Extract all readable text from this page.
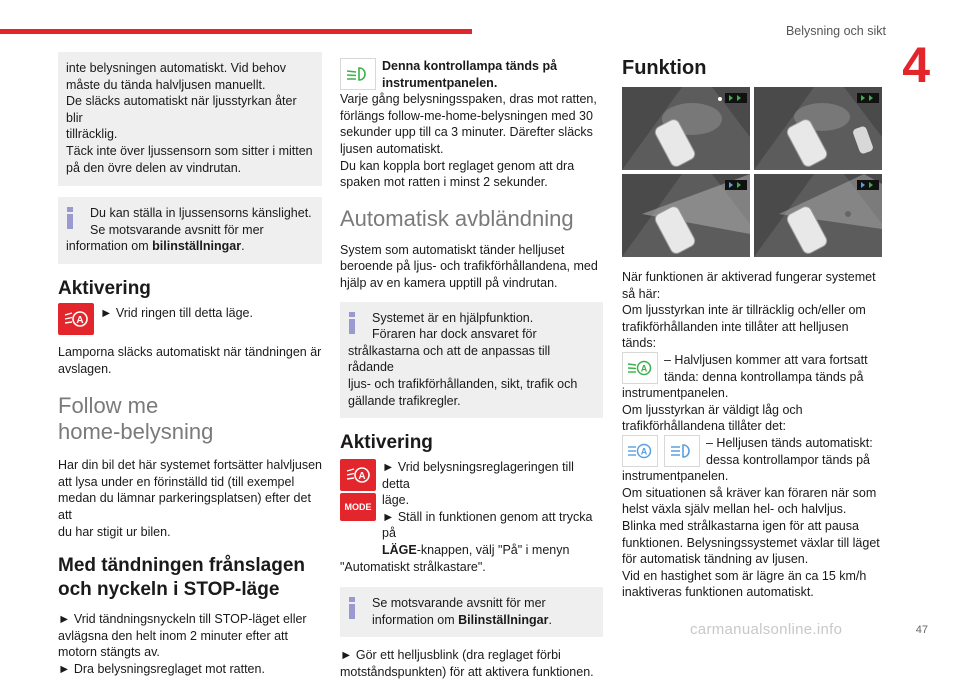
Belysning och sikt
4
inte belysningen automatiskt. Vid behov
måste du tända halvljusen manuellt.
De släcks automatiskt när ljusstyrkan åter blir
tillräcklig.
Täck inte över ljussensorn som sitter i mitten
på den övre delen av vindrutan.
Du kan ställa in ljussensorns känslighet.
Se motsvarande avsnitt för mer
information om bilinställningar.
Aktivering
A
► Vrid ringen till detta läge.
Lamporna släcks automatiskt när tändningen är
avslagen.
Follow me
home-belysning
Har din bil det här systemet fortsätter halvljusen
att lysa under en förinställd tid (till exempel
medan du lämnar parkeringsplatsen) efter det att
du har stigit ur bilen.
Med tändningen frånslagen
och nyckeln i STOP-läge
► Vrid tändningsnyckeln till STOP-läget eller
avlägsna den helt inom 2 minuter efter att
motorn stängts av.
► Dra belysningsreglaget mot ratten.
Denna kontrollampa tänds på
instrumentpanelen.
Varje gång belysningsspaken, dras mot ratten,
förlängs follow-me-home-belysningen med 30
sekunder upp till ca 3 minuter. Därefter släcks
ljusen automatiskt.
Du kan koppla bort reglaget genom att dra
spaken mot ratten i minst 2 sekunder.
Automatisk avbländning
System som automatiskt tänder helljuset
beroende på ljus- och trafikförhållandena, med
hjälp av en kamera upptill på vindrutan.
Systemet är en hjälpfunktion.
Föraren har dock ansvaret för
strålkastarna och att de anpassas till rådande
ljus- och trafikförhållanden, sikt, trafik och
gällande trafikregler.
Aktivering
A
MODE
► Vrid belysningsreglageringen till detta
läge.
► Ställ in funktionen genom att trycka på
LÄGE-knappen, välj "På" i menyn
"Automatiskt strålkastare".
Se motsvarande avsnitt för mer
information om Bilinställningar.
► Gör ett helljusblink (dra reglaget förbi
motståndspunkten) för att aktivera funktionen.
Funktion
När funktionen är aktiverad fungerar systemet
så här:
Om ljusstyrkan inte är tillräcklig och/eller om
trafikförhållanden inte tillåter att helljusen tänds:
A
– Halvljusen kommer att vara fortsatt
tända: denna kontrollampa tänds på
instrumentpanelen.
Om ljusstyrkan är väldigt låg och
trafikförhållandena tillåter det:
A
– Helljusen tänds automatiskt:
dessa kontrollampor tänds på
instrumentpanelen.
Om situationen så kräver kan föraren när som
helst växla själv mellan hel- och halvljus.
Blinka med strålkastarna igen för att pausa
funktionen. Belysningssystemet växlar till läget
för automatisk tändning av ljusen.
Vid en hastighet som är lägre än ca 15 km/h
inaktiveras funktionen automatiskt.
carmanualsonline.info	47
